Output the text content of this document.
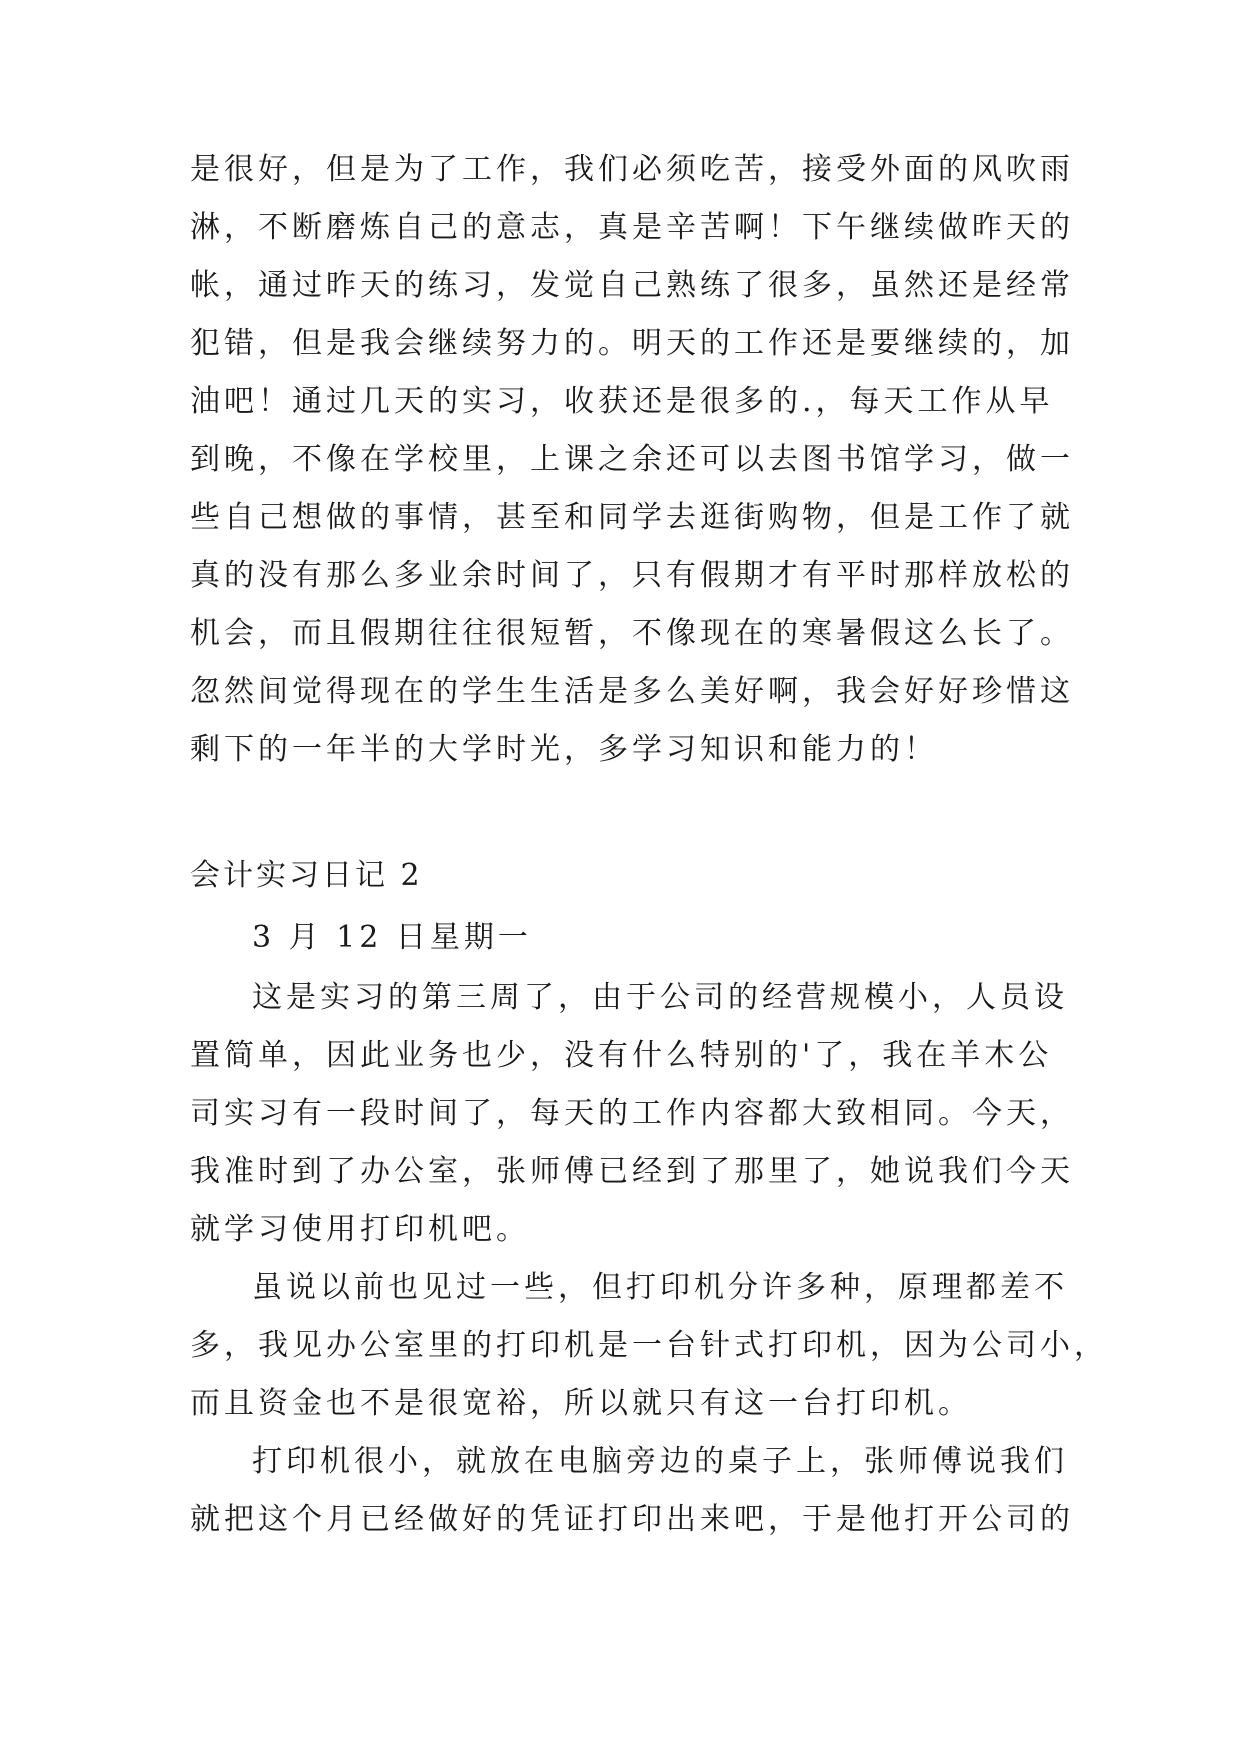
是很好，但是为了工作，我们必须吃苦，接受外面的风吹雨
淋，不断磨炼自己的意志，真是辛苦啊！下午继续做昨天的
帐，通过昨天的练习，发觉自己熟练了很多，虽然还是经常
犯错，但是我会继续努力的。明天的工作还是要继续的，加
油吧！通过几天的实习，收获还是很多的.，每天工作从早
到晚，不像在学校里，上课之余还可以去图书馆学习，做一
些自己想做的事情，甚至和同学去逛街购物，但是工作了就
真的没有那么多业余时间了，只有假期才有平时那样放松的
机会，而且假期往往很短暂，不像现在的寒暑假这么长了。
忽然间觉得现在的学生生活是多么美好啊，我会好好珍惜这
剩下的一年半的大学时光，多学习知识和能力的！
会计实习日记 2
3 月 12 日星期一
这是实习的第三周了，由于公司的经营规模小，人员设
置简单，因此业务也少，没有什么特别的'了，我在羊木公
司实习有一段时间了，每天的工作内容都大致相同。今天，
我准时到了办公室，张师傅已经到了那里了，她说我们今天
就学习使用打印机吧。
虽说以前也见过一些，但打印机分许多种，原理都差不
多，我见办公室里的打印机是一台针式打印机，因为公司小，
而且资金也不是很宽裕，所以就只有这一台打印机。
打印机很小，就放在电脑旁边的桌子上，张师傅说我们
就把这个月已经做好的凭证打印出来吧，于是他打开公司的
